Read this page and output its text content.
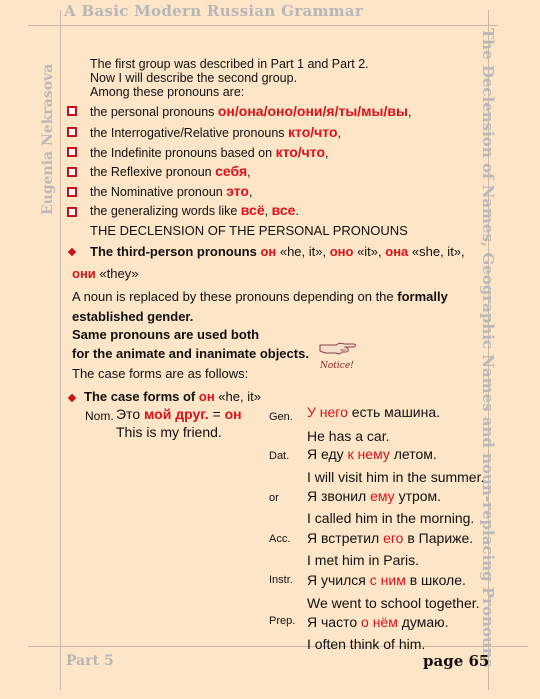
A Basic Modern Russian Grammar
Eugenia Nekrasova	The Declension of Names, Geographic Names and noun-replacing Pronouns
The first group was described in Part 1 and Part 2.
Now I will describe the second group.
Among these pronouns are:
the personal pronouns он/она/оно/они/я/ты/мы/вы,
the Interrogative/Relative pronouns кто/что,
the Indefinite pronouns based on кто/что,
the Reflexive pronoun себя,
the Nominative pronoun это,
the generalizing words like всё, все.
THE DECLENSION OF THE PERSONAL PRONOUNS
The third-person pronouns он «he, it», оно «it», она «she, it»,
они «they»
A noun is replaced by these pronouns depending on the formally
established gender.
Same pronouns are used both
for the animate and inanimate objects.
The case forms are as follows:	Notice!
The case forms of он «he, it»
Nom. Это мой друг. = он
This is my friend.
Gen. У него есть машина.
He has a car.
Dat. Я еду к нему летом.
I will visit him in the summer.
or Я звонил ему утром.
I called him in the morning.
Acc. Я встретил его в Париже.
I met him in Paris.
Instr. Я учился с ним в школе.
We went to school together.
Prep. Я часто о нём думаю.
I often think of him.
Part 5	page 65
